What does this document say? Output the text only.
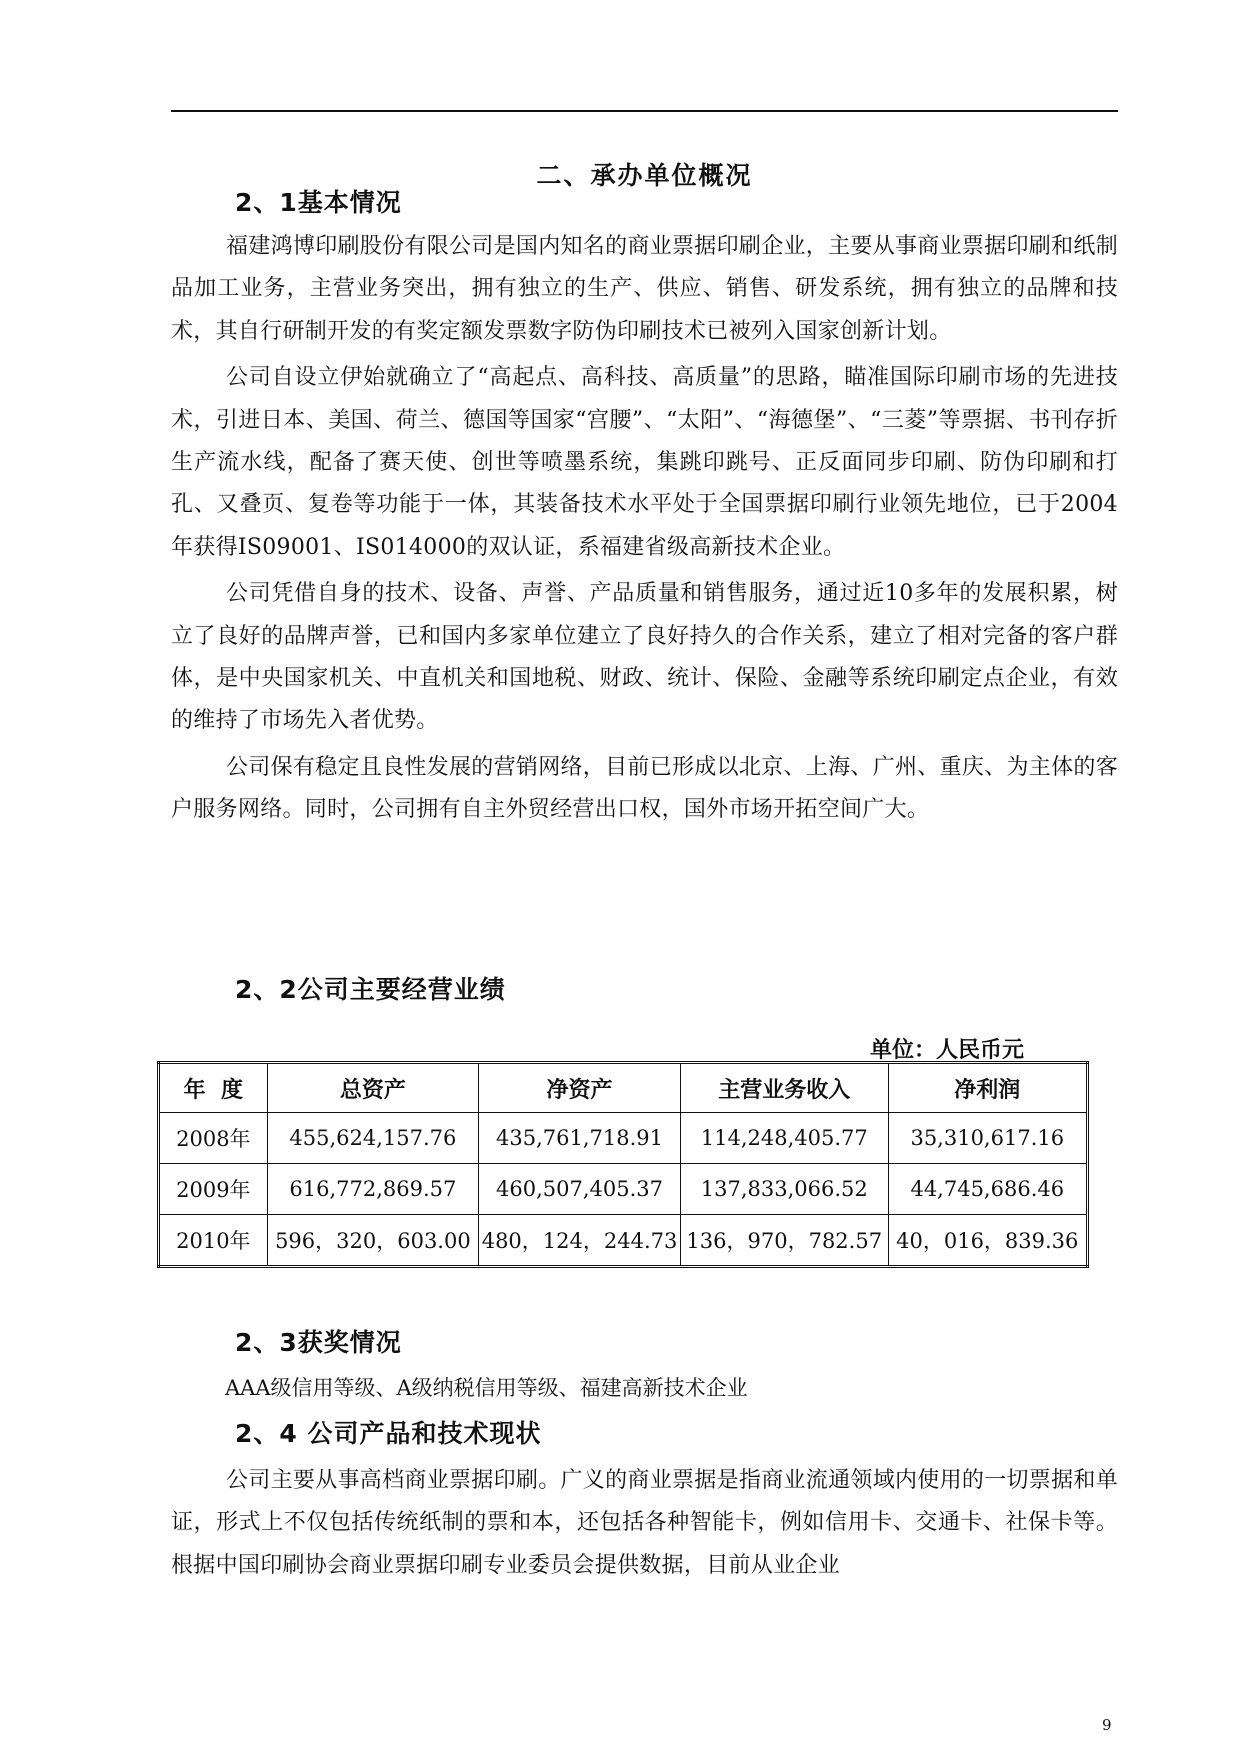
二、承办单位概况
2、1基本情况

福建鸿博印刷股份有限公司是国内知名的商业票据印刷企业，主要从事商业票据印刷和纸制品加工业务，主营业务突出，拥有独立的生产、供应、销售、研发系统，拥有独立的品牌和技术，其自行研制开发的有奖定额发票数字防伪印刷技术已被列入国家创新计划。

公司自设立伊始就确立了“高起点、高科技、高质量”的思路，瞄准国际印刷市场的先进技术，引进日本、美国、荷兰、德国等国家“宫腰”、“太阳”、“海德堡”、“三菱”等票据、书刊存折生产流水线，配备了赛天使、创世等喷墨系统，集跳印跳号、正反面同步印刷、防伪印刷和打孔、又叠页、复卷等功能于一体，其装备技术水平处于全国票据印刷行业领先地位，已于2004年获得IS09001、IS014000的双认证，系福建省级高新技术企业。

公司凭借自身的技术、设备、声誉、产品质量和销售服务，通过近10多年的发展积累，树立了良好的品牌声誉，已和国内多家单位建立了良好持久的合作关系，建立了相对完备的客户群体，是中央国家机关、中直机关和国地税、财政、统计、保险、金融等系统印刷定点企业，有效的维持了市场先入者优势。

公司保有稳定且良性发展的营销网络，目前已形成以北京、上海、广州、重庆、为主体的客户服务网络。同时，公司拥有自主外贸经营出口权，国外市场开拓空间广大。

2、2公司主要经营业绩
单位：人民币元
年  度	总资产	净资产	主营业务收入	净利润
2008年	455,624,157.76	435,761,718.91	114,248,405.77	35,310,617.16
2009年	616,772,869.57	460,507,405.37	137,833,066.52	44,745,686.46
2010年	596，320，603.00	480，124，244.73	136，970，782.57	40，016，839.36
2、3获奖情况
AAA级信用等级、A级纳税信用等级、福建高新技术企业
2、4 公司产品和技术现状

公司主要从事高档商业票据印刷。广义的商业票据是指商业流通领域内使用的一切票据和单证，形式上不仅包括传统纸制的票和本，还包括各种智能卡，例如信用卡、交通卡、社保卡等。根据中国印刷协会商业票据印刷专业委员会提供数据，目前从业企业

9
